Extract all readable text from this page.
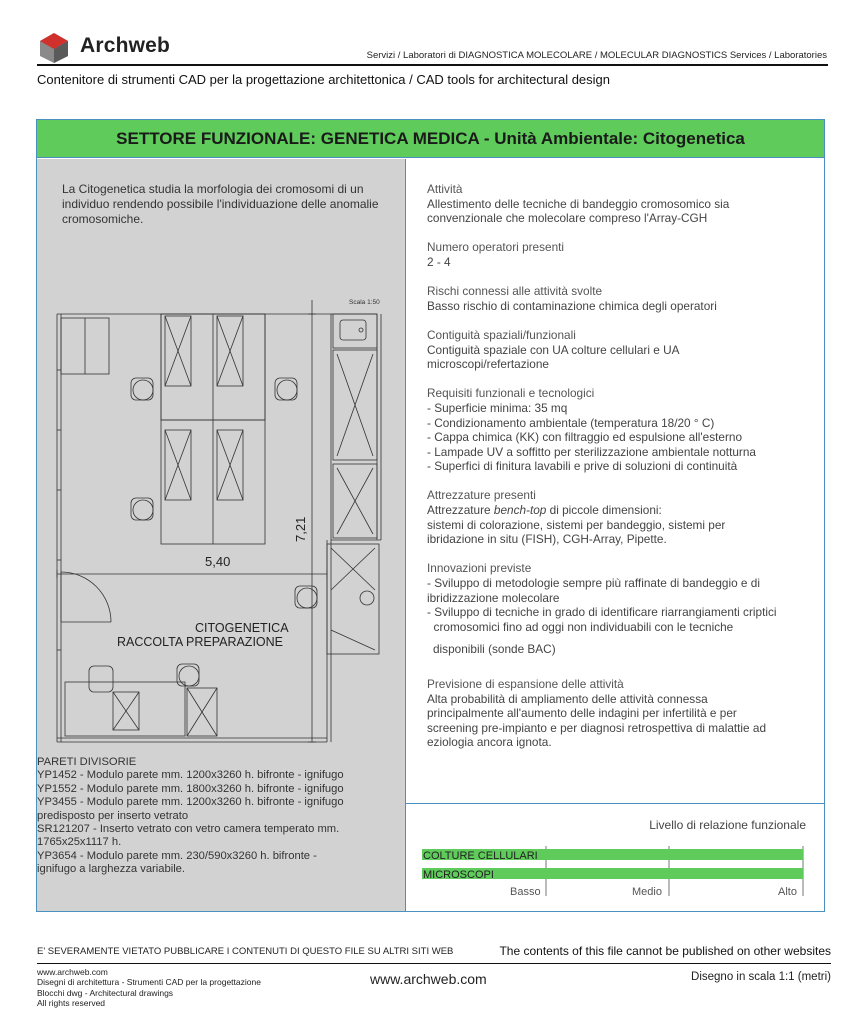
Archweb	Servizi / Laboratori di DIAGNOSTICA MOLECOLARE / MOLECULAR DIAGNOSTICS Services / Laboratories
Contenitore di strumenti CAD per la progettazione architettonica / CAD tools for architectural design
SETTORE FUNZIONALE: GENETICA MEDICA - Unità Ambientale: Citogenetica
La Citogenetica studia la morfologia dei cromosomi di un individuo rendendo possibile l'individuazione delle anomalie cromosomiche.
Scala 1:50
5,40
7,21
CITOGENETICA
RACCOLTA PREPARAZIONE
PARETI DIVISORIE
YP1452 - Modulo parete mm. 1200x3260 h. bifronte - ignifugo
YP1552 - Modulo parete mm. 1800x3260 h. bifronte - ignifugo
YP3455 - Modulo parete mm. 1200x3260 h. bifronte - ignifugo
predisposto per inserto vetrato
SR121207 - Inserto vetrato con vetro camera temperato mm.
1765x25x1117 h.
YP3654 - Modulo parete mm. 230/590x3260 h. bifronte -
ignifugo a larghezza variabile.
Attività
Allestimento delle tecniche di bandeggio cromosomico sia
convenzionale che molecolare compreso l'Array-CGH
Numero operatori presenti
2 - 4
Rischi connessi alle attività svolte
Basso rischio di contaminazione chimica degli operatori
Contiguità spaziali/funzionali
Contiguità spaziale con UA colture cellulari e UA
microscopi/refertazione
Requisiti funzionali e tecnologici
- Superficie minima: 35 mq
- Condizionamento ambientale (temperatura 18/20 ° C)
- Cappa chimica (KK) con filtraggio ed espulsione all'esterno
- Lampade UV a soffitto per sterilizzazione ambientale notturna
- Superfici di finitura lavabili e prive di soluzioni di continuità
Attrezzature presenti
Attrezzature bench-top di piccole dimensioni:
sistemi di colorazione, sistemi per bandeggio, sistemi per
ibridazione in situ (FISH), CGH-Array, Pipette.
Innovazioni previste
- Sviluppo di metodologie sempre più raffinate di bandeggio e di
ibridizzazione molecolare
- Sviluppo di tecniche in grado di identificare riarrangiamenti criptici
cromosomici fino ad oggi non individuabili con le tecniche
disponibili (sonde BAC)
Previsione di espansione delle attività
Alta probabilità di ampliamento delle attività connessa
principalmente all'aumento delle indagini per infertilità e per
screening pre-impianto e per diagnosi retrospettiva di malattie ad
eziologia ancora ignota.
Livello di relazione funzionale
COLTURE CELLULARI
MICROSCOPI
Basso	Medio	Alto
E' SEVERAMENTE VIETATO PUBBLICARE I CONTENUTI DI QUESTO FILE SU ALTRI SITI WEB	The contents of this file cannot be published on other websites
www.archweb.com
Disegni di architettura - Strumenti CAD per la progettazione
Blocchi dwg - Architectural drawings
All rights reserved
www.archweb.com	Disegno in scala 1:1 (metri)
